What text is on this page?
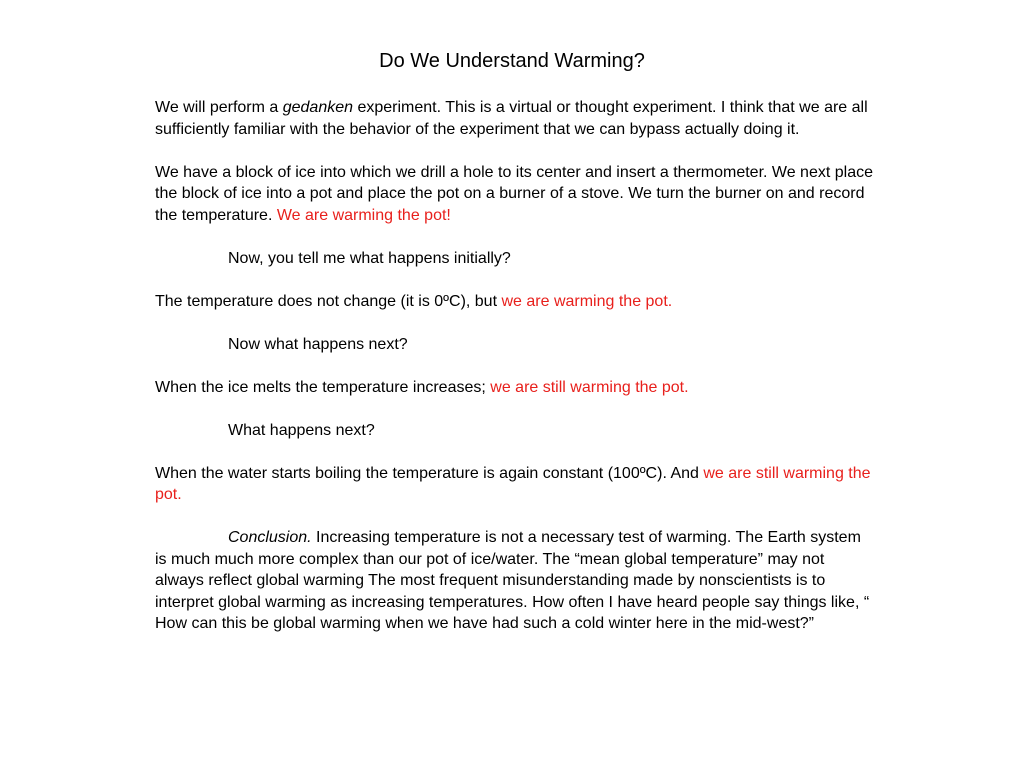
Do We Understand Warming?

We will perform a gedanken experiment. This is a virtual or thought experiment. I think that we are all sufficiently familiar with the behavior of the experiment that we can bypass actually doing it.

We have a block of ice into which we drill a hole to its center and insert a thermometer. We next place the block of ice into a pot and place the pot on a burner of a stove. We turn the burner on and record the temperature. We are warming the pot!

Now, you tell me what happens initially?

The temperature does not change (it is 0ºC), but we are warming the pot.

Now what happens next?

When the ice melts the temperature increases; we are still warming the pot.

What happens next?

When the water starts boiling the temperature is again constant (100ºC). And we are still warming the pot.

Conclusion. Increasing temperature is not a necessary test of warming. The Earth system is much much more complex than our pot of ice/water. The “mean global temperature” may not always reflect global warming The most frequent misunderstanding made by nonscientists is to interpret global warming as increasing temperatures. How often I have heard people say things like, “ How can this be global warming when we have had such a cold winter here in the mid-west?”
